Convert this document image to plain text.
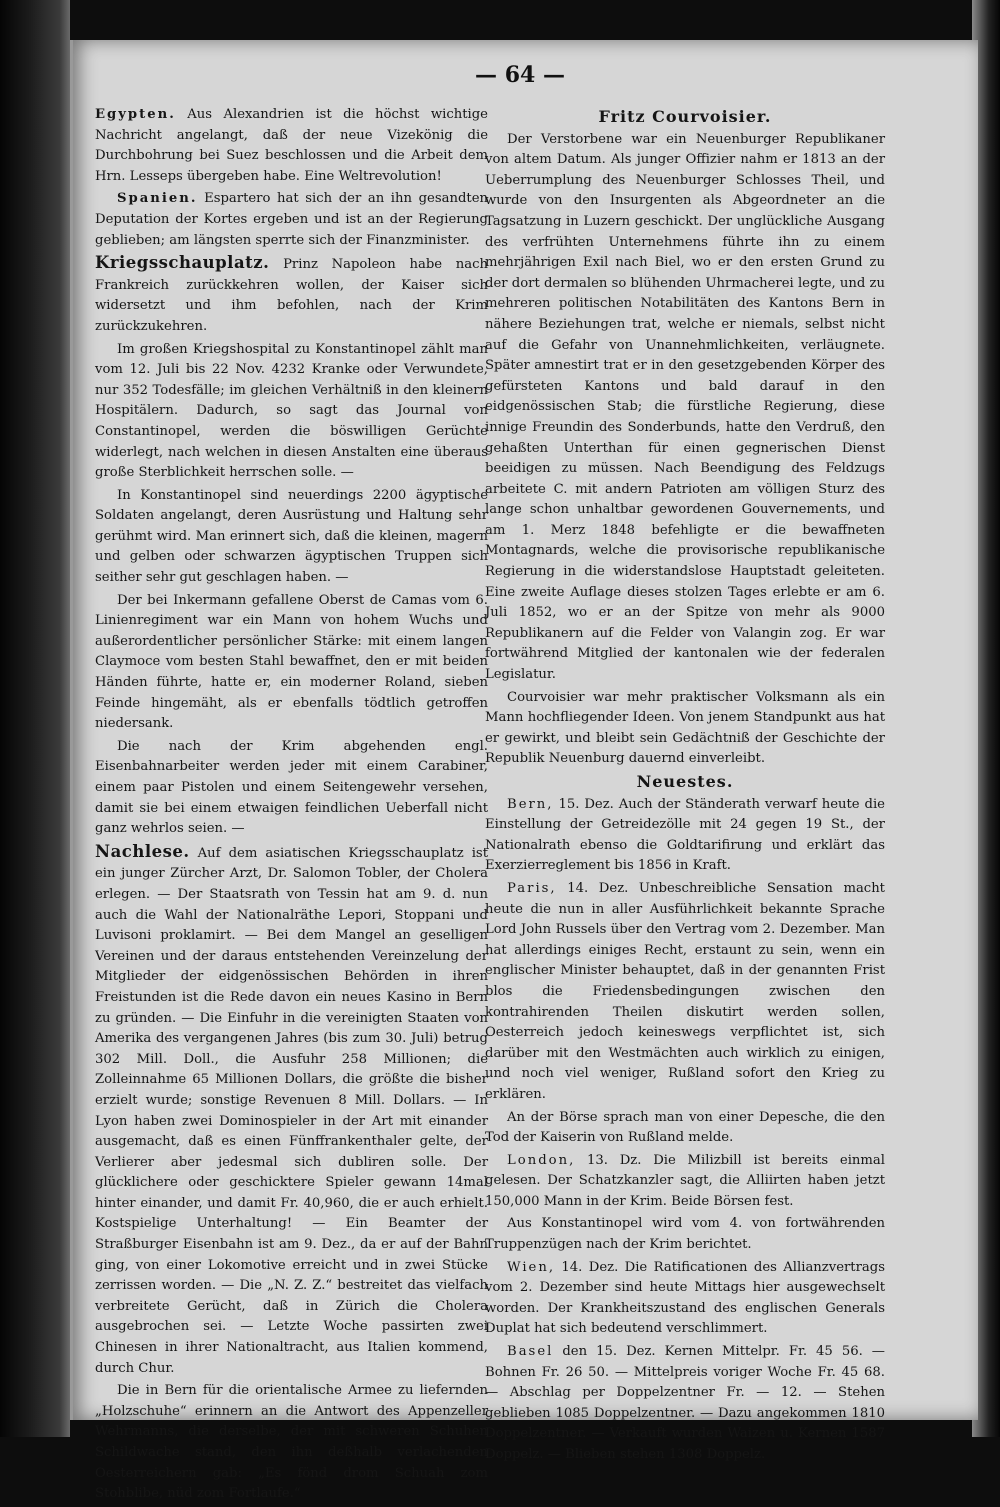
— 64 —

Egypten. Aus Alexandrien ist die höchst wichtige Nachricht angelangt, daß der neue Vizekönig die Durchbohrung bei Suez beschlossen und die Arbeit dem Hrn. Lesseps übergeben habe. Eine Weltrevolution!

Spanien. Espartero hat sich der an ihn gesandten Deputation der Kortes ergeben und ist an der Regierung geblieben; am längsten sperrte sich der Finanzminister.

Kriegsschauplatz. Prinz Napoleon habe nach Frankreich zurückkehren wollen, der Kaiser sich widersetzt und ihm befohlen, nach der Krim zurückzukehren.

Im großen Kriegshospital zu Konstantinopel zählt man vom 12. Juli bis 22 Nov. 4232 Kranke oder Verwundete, nur 352 Todesfälle; im gleichen Verhältniß in den kleinern Hospitälern. Dadurch, so sagt das Journal von Constantinopel, werden die böswilligen Gerüchte widerlegt, nach welchen in diesen Anstalten eine überaus große Sterblichkeit herrschen solle. —

In Konstantinopel sind neuerdings 2200 ägyptische Soldaten angelangt, deren Ausrüstung und Haltung sehr gerühmt wird. Man erinnert sich, daß die kleinen, magern und gelben oder schwarzen ägyptischen Truppen sich seither sehr gut geschlagen haben. —

Der bei Inkermann gefallene Oberst de Camas vom 6. Linienregiment war ein Mann von hohem Wuchs und außerordentlicher persönlicher Stärke: mit einem langen Claymoce vom besten Stahl bewaffnet, den er mit beiden Händen führte, hatte er, ein moderner Roland, sieben Feinde hingemäht, als er ebenfalls tödtlich getroffen niedersank.

Die nach der Krim abgehenden engl. Eisenbahnarbeiter werden jeder mit einem Carabiner, einem paar Pistolen und einem Seitengewehr versehen, damit sie bei einem etwaigen feindlichen Ueberfall nicht ganz wehrlos seien. —

Nachlese. Auf dem asiatischen Kriegsschauplatz ist ein junger Zürcher Arzt, Dr. Salomon Tobler, der Cholera erlegen. — Der Staatsrath von Tessin hat am 9. d. nun auch die Wahl der Nationalräthe Lepori, Stoppani und Luvisoni proklamirt. — Bei dem Mangel an geselligen Vereinen und der daraus entstehenden Vereinzelung der Mitglieder der eidgenössischen Behörden in ihren Freistunden ist die Rede davon ein neues Kasino in Bern zu gründen. — Die Einfuhr in die vereinigten Staaten von Amerika des vergangenen Jahres (bis zum 30. Juli) betrug 302 Mill. Doll., die Ausfuhr 258 Millionen; die Zolleinnahme 65 Millionen Dollars, die größte die bisher erzielt wurde; sonstige Revenuen 8 Mill. Dollars. — In Lyon haben zwei Dominospieler in der Art mit einander ausgemacht, daß es einen Fünffrankenthaler gelte, der Verlierer aber jedesmal sich dubliren solle. Der glücklichere oder geschicktere Spieler gewann 14mal hinter einander, und damit Fr. 40,960, die er auch erhielt. Kostspielige Unterhaltung! — Ein Beamter der Straßburger Eisenbahn ist am 9. Dez., da er auf der Bahn ging, von einer Lokomotive erreicht und in zwei Stücke zerrissen worden. — Die „N. Z. Z.“ bestreitet das vielfach verbreitete Gerücht, daß in Zürich die Cholera ausgebrochen sei. — Letzte Woche passirten zwei Chinesen in ihrer Nationaltracht, aus Italien kommend, durch Chur.

Die in Bern für die orientalische Armee zu liefernden „Holzschuhe“ erinnern an die Antwort des Appenzeller Wehrmanns, die derselbe, der mit schweren Schuhen Schildwache stand, den ihn deßhalb verlachenden Oesterreichern gab: „Es fönd drom Schuah zom Stohblibe, nüd zom Fortlaufe.“

Fritz Courvoisier.

Der Verstorbene war ein Neuenburger Republikaner von altem Datum. Als junger Offizier nahm er 1813 an der Ueberrumplung des Neuenburger Schlosses Theil, und wurde von den Insurgenten als Abgeordneter an die Tagsatzung in Luzern geschickt. Der unglückliche Ausgang des verfrühten Unternehmens führte ihn zu einem mehrjährigen Exil nach Biel, wo er den ersten Grund zu der dort dermalen so blühenden Uhrmacherei legte, und zu mehreren politischen Notabilitäten des Kantons Bern in nähere Beziehungen trat, welche er niemals, selbst nicht auf die Gefahr von Unannehmlichkeiten, verläugnete. Später amnestirt trat er in den gesetzgebenden Körper des gefürsteten Kantons und bald darauf in den eidgenössischen Stab; die fürstliche Regierung, diese innige Freundin des Sonderbunds, hatte den Verdruß, den gehaßten Unterthan für einen gegnerischen Dienst beeidigen zu müssen. Nach Beendigung des Feldzugs arbeitete C. mit andern Patrioten am völligen Sturz des lange schon unhaltbar gewordenen Gouvernements, und am 1. Merz 1848 befehligte er die bewaffneten Montagnards, welche die provisorische republikanische Regierung in die widerstandslose Hauptstadt geleiteten. Eine zweite Auflage dieses stolzen Tages erlebte er am 6. Juli 1852, wo er an der Spitze von mehr als 9000 Republikanern auf die Felder von Valangin zog. Er war fortwährend Mitglied der kantonalen wie der federalen Legislatur.

Courvoisier war mehr praktischer Volksmann als ein Mann hochfliegender Ideen. Von jenem Standpunkt aus hat er gewirkt, und bleibt sein Gedächtniß der Geschichte der Republik Neuenburg dauernd einverleibt.

Neuestes.

Bern, 15. Dez. Auch der Ständerath verwarf heute die Einstellung der Getreidezölle mit 24 gegen 19 St., der Nationalrath ebenso die Goldtarifirung und erklärt das Exerzierreglement bis 1856 in Kraft.

Paris, 14. Dez. Unbeschreibliche Sensation macht heute die nun in aller Ausführlichkeit bekannte Sprache Lord John Russels über den Vertrag vom 2. Dezember. Man hat allerdings einiges Recht, erstaunt zu sein, wenn ein englischer Minister behauptet, daß in der genannten Frist blos die Friedensbedingungen zwischen den kontrahirenden Theilen diskutirt werden sollen, Oesterreich jedoch keineswegs verpflichtet ist, sich darüber mit den Westmächten auch wirklich zu einigen, und noch viel weniger, Rußland sofort den Krieg zu erklären.

An der Börse sprach man von einer Depesche, die den Tod der Kaiserin von Rußland melde.

London, 13. Dz. Die Milizbill ist bereits einmal gelesen. Der Schatzkanzler sagt, die Alliirten haben jetzt 150,000 Mann in der Krim. Beide Börsen fest.

Aus Konstantinopel wird vom 4. von fortwährenden Truppenzügen nach der Krim berichtet.

Wien, 14. Dez. Die Ratificationen des Allianzvertrags vom 2. Dezember sind heute Mittags hier ausgewechselt worden. Der Krankheitszustand des englischen Generals Duplat hat sich bedeutend verschlimmert.

Basel den 15. Dez. Kernen Mittelpr. Fr. 45 56. — Bohnen Fr. 26 50. — Mittelpreis voriger Woche Fr. 45 68. — Abschlag per Doppelzentner Fr. — 12. — Stehen geblieben 1085 Doppelzentner. — Dazu angekommen 1810 Doppelzentner. — Verkauft wurden Waizen u. Kernen 1587 Doppelz. — Blieben stehen 1308 Doppelz.
